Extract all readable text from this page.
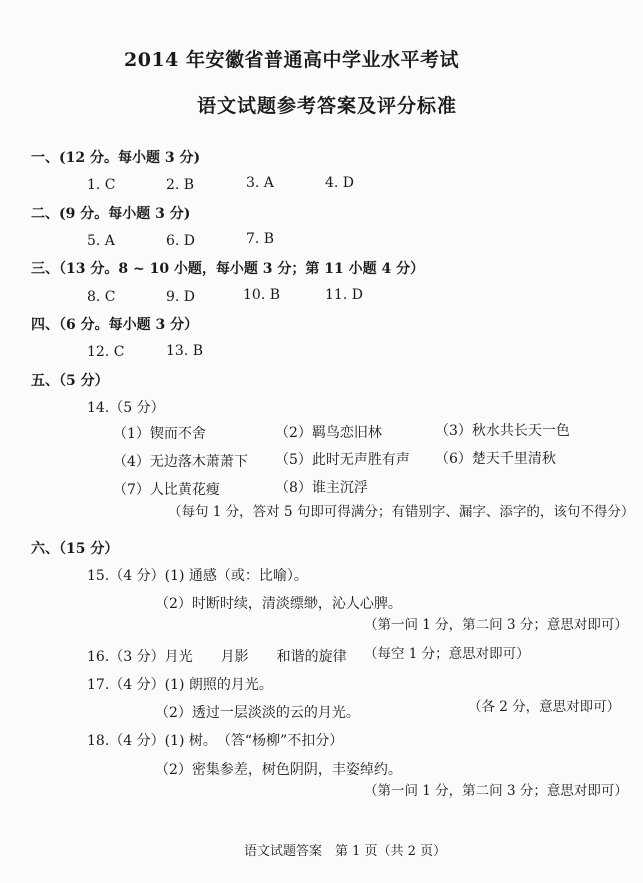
2014 年安徽省普通高中学业水平考试
语文试题参考答案及评分标准
一、(12 分。每小题 3 分)
1. C	2. B	3. A	4. D
二、(9 分。每小题 3 分)
5. A	6. D	7. B
三、（13 分。8 ~ 10 小题，每小题 3 分；第 11 小题 4 分）
8. C	9. D	10. B	11. D
四、（6 分。每小题 3 分）
12. C	13. B
五、（5 分）
14.（5 分）
（1）锲而不舍	（2）羁鸟恋旧林	（3）秋水共长天一色
（4）无边落木萧萧下 （5）此时无声胜有声 （6）楚天千里清秋
（7）人比黄花瘦	（8）谁主沉浮
（每句 1 分，答对 5 句即可得满分；有错别字、漏字、添字的，该句不得分）
六、（15 分）
15.（4 分）(1) 通感（或：比喻）。
（2）时断时续，清淡缥缈，沁人心脾。
（第一问 1 分，第二问 3 分；意思对即可）
16.（3 分）月光　　月影　　和谐的旋律 （每空 1 分；意思对即可）
17.（4 分）(1) 朗照的月光。
（2）透过一层淡淡的云的月光。	（各 2 分，意思对即可）
18.（4 分）(1) 树。　（答“杨柳”不扣分）
（2）密集参差，树色阴阴，丰姿绰约。
（第一问 1 分，第二问 3 分；意思对即可）
语文试题答案　第 1 页（共 2 页）
